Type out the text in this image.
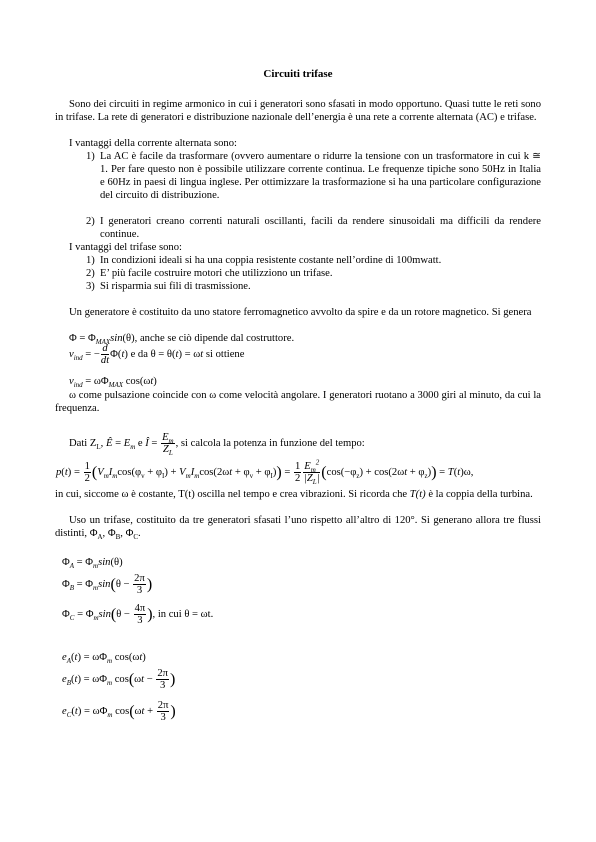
Circuiti trifase
Sono dei circuiti in regime armonico in cui i generatori sono sfasati in modo opportuno. Quasi tutte le reti sono in trifase. La rete di generatori e distribuzione nazionale dell’energia è una rete a corrente alternata (AC) e trifase.
I vantaggi della corrente alternata sono:
1) La AC è facile da trasformare (ovvero aumentare o ridurre la tensione con un trasformatore in cui k ≅ 1. Per fare questo non è possibile utilizzare corrente continua. Le frequenze tipiche sono 50Hz in Italia e 60Hz in paesi di lingua inglese. Per ottimizzare la trasformazione si ha una particolare configurazione del circuito di distribuzione.
2) I generatori creano correnti naturali oscillanti, facili da rendere sinusoidali ma difficili da rendere continue.
I vantaggi del trifase sono:
1) In condizioni ideali si ha una coppia resistente costante nell’ordine di 100mwatt.
2) E’ più facile costruire motori che utilizziono un trifase.
3) Si risparmia sui fili di trasmissione.
Un generatore è costituito da uno statore ferromagnetico avvolto da spire e da un rotore magnetico. Si genera
$\Phi = \Phi_{MAX}\sin(\theta)$, anche se ciò dipende dal costruttore.
$v_{ind}$ = − $\frac{d}{dt} \Phi(t)$ e da θ = θ(t) = ωt si ottiene
$v_{ind} = \omega\Phi_{MAX}$ cos(ωt)
ω come pulsazione coincide con ω come velocità angolare. I generatori ruotano a 3000 giri al minuto, da cui la frequenza.
Dati $Z_L$, Ê = $E_m$ e Î = $\frac{E_m}{Z_L}$ , si calcola la potenza in funzione del tempo:
$p(t) = \frac{1}{2} (V_mI_m\cos(\varphi_v + \varphi_I) + V_mI_m\cos(2\omega t + \varphi_v + \varphi_I)) = \frac{1}{2} \frac{E_m^2}{|Z_L|} (\cos(-\varphi_z) + \cos(2\omega t + \varphi_z)) = T(t)\omega$,
in cui, siccome ω è costante, T(t) oscilla nel tempo e crea vibrazioni. Si ricorda che T(t) è la coppia della turbina.
Uso un trifase, costituito da tre generatori sfasati l’uno rispetto all’altro di 120°. Si generano allora tre flussi distinti, $\Phi_A$, $\Phi_B$, $\Phi_C$.
$\Phi_A = \Phi_m\sin(\theta)$
$\Phi_B = \Phi_m\sin(\theta - \frac{2\pi}{3}$ )
$\Phi_C = \Phi_m\sin(\theta - \frac{4\pi}{3}$ ), in cui θ = ωt.
$e_A(t) = \omega\Phi_m$ cos(ωt)
$e_B(t) = \omega\Phi_m$ $\cos(\omega t - \frac{2\pi}{3}$ )
$e_C(t) = \omega\Phi_m$ $\cos(\omega t + \frac{2\pi}{3}$ )
